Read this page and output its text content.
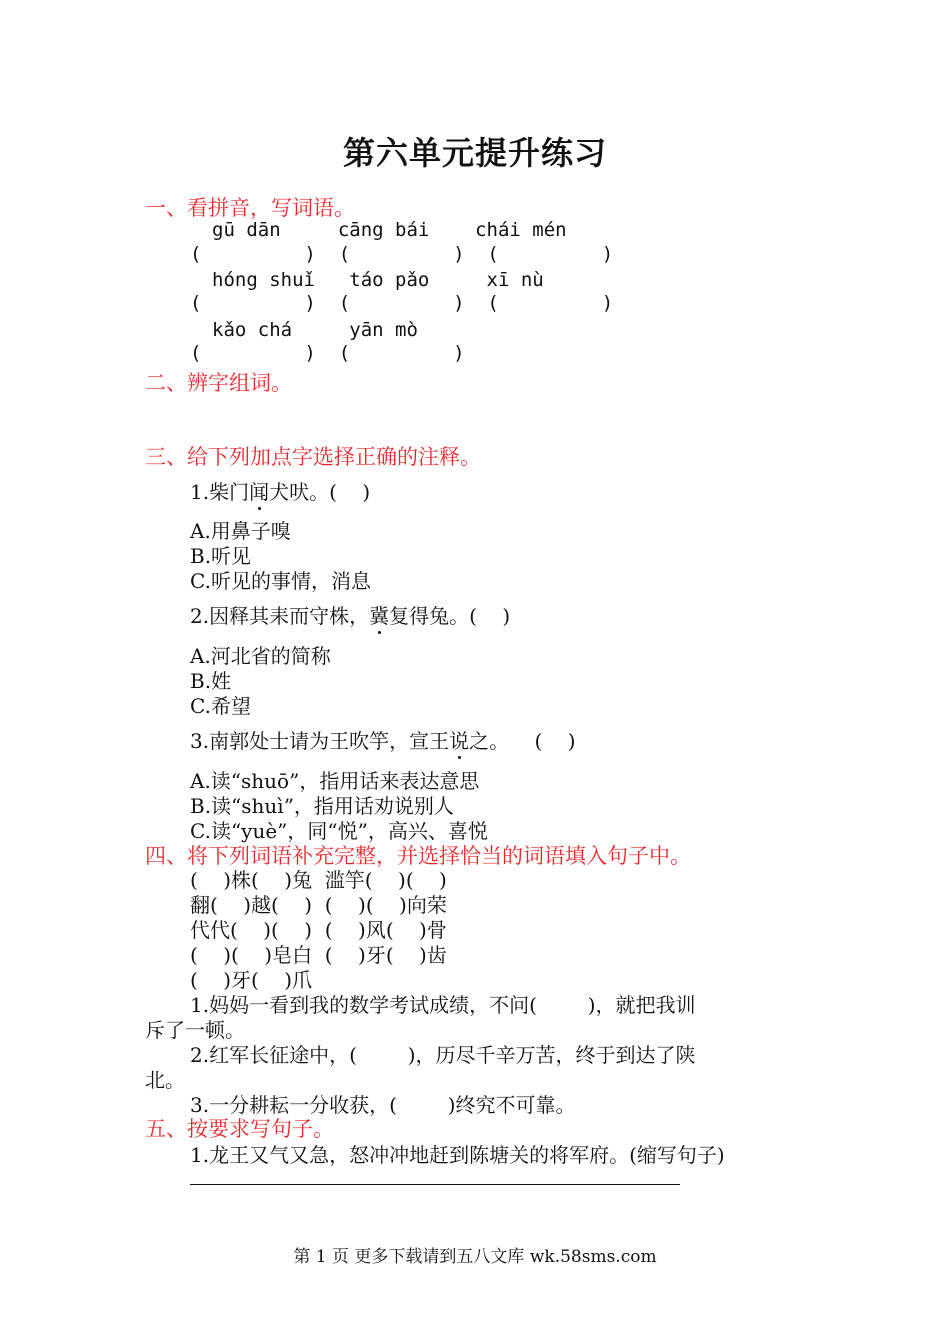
第六单元提升练习
一、看拼音，写词语。
gū dān     cāng bái    chái mén
(         )  (         )  (         )
hóng shuǐ   táo pǎo     xī nù
(         )  (         )  (         )
kǎo chá     yān mò
(         )  (         )
二、辨字组词。
三、给下列加点字选择正确的注释。
1.柴门闻犬吠。(    )
A.用鼻子嗅
B.听见
C.听见的事情，消息
2.因释其耒而守株，冀复得兔。(    )
A.河北省的简称
B.姓
C.希望
3.南郭处士请为王吹竽，宣王说之。    (    )
A.读“shuō”，指用话来表达意思
B.读“shuì”，指用话劝说别人
C.读“yuè”，同“悦”，高兴、喜悦
四、将下列词语补充完整，并选择恰当的词语填入句子中。
(    )株(    )兔  滥竽(    )(    )
翻(    )越(    )  (    )(    )向荣
代代(    )(    )  (    )风(    )骨
(    )(    )皂白  (    )牙(    )齿
(    )牙(    )爪
1.妈妈一看到我的数学考试成绩，不问(        )，就把我训
斥了一顿。
2.红军长征途中，(        )，历尽千辛万苦，终于到达了陕
北。
3.一分耕耘一分收获，(        )终究不可靠。
五、按要求写句子。
1.龙王又气又急，怒冲冲地赶到陈塘关的将军府。(缩写句子)
第 1 页 更多下载请到五八文库 wk.58sms.com
